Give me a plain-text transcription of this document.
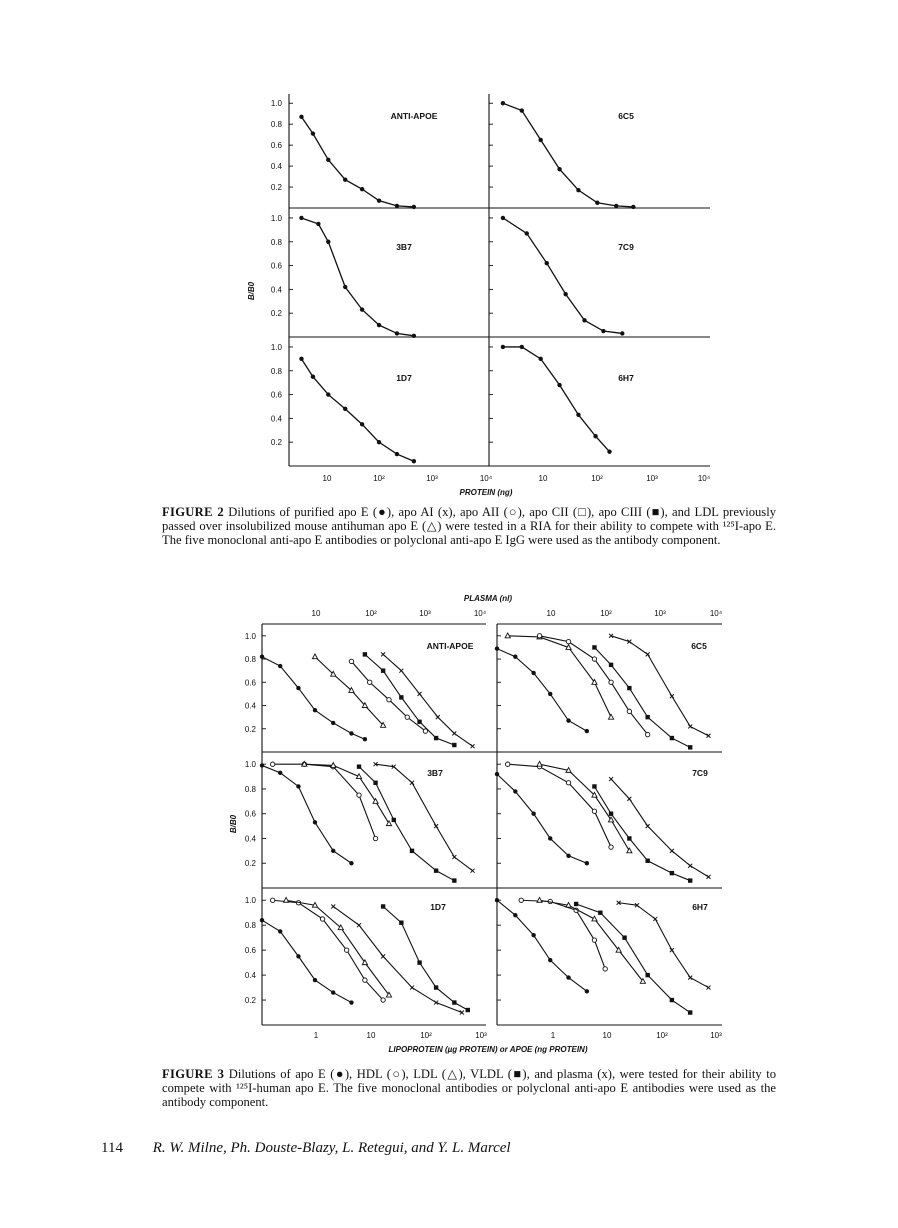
1.0
0.8
0.6
0.4
0.2
ANTI-APOE	6C5
1.0
0.8
0.6
0.4
0.2
3B7	7C9
1.0
0.8
0.6
0.4
0.2
1D7	6H7
B/B0
10	10²	10³	10⁴	10	10²	10³	10⁴
PROTEIN (ng)
FIGURE 2 Dilutions of purified apo E (●), apo AI (x), apo AII (○), apo CII (□), apo CIII (■), and LDL previously passed over insolubilized mouse antihuman apo E (△) were tested in a RIA for their ability to compete with ¹²⁵I-apo E. The five monoclonal anti-apo E antibodies or polyclonal anti-apo E IgG were used as the antibody component.
1.0
0.8
0.6
0.4
0.2
ANTI-APOE	6C5
1.0
0.8
0.6
0.4
0.2
3B7	7C9
1.0
0.8
0.6
0.4
0.2
1D7	6H7
PLASMA (nl)
10	10²	10³	10⁴	10	10²	10³	10⁴
B/B0
1	10	10²	10³	1	10	10²	10³
LIPOPROTEIN (µg PROTEIN) or APOE (ng PROTEIN)
FIGURE 3 Dilutions of apo E (●), HDL (○), LDL (△), VLDL (■), and plasma (x), were tested for their ability to compete with ¹²⁵I-human apo E. The five monoclonal antibodies or polyclonal anti-apo E antibodies were used as the antibody component.
114 R. W. Milne, Ph. Douste-Blazy, L. Retegui, and Y. L. Marcel
